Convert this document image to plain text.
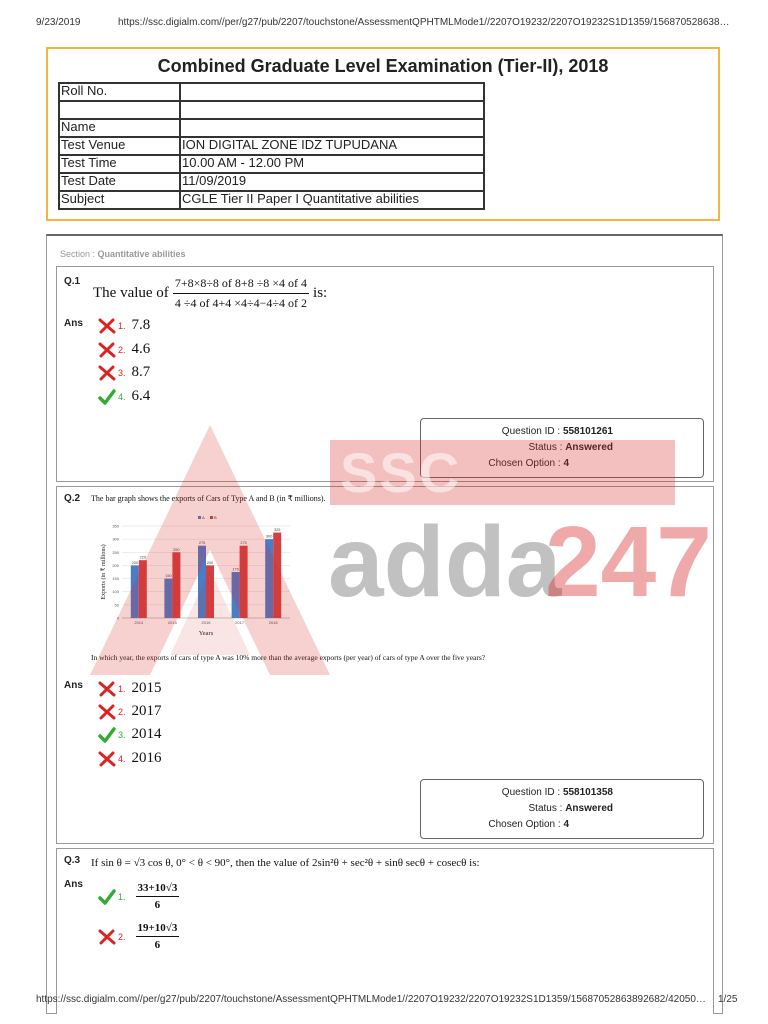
9/23/2019	https://ssc.digialm.com//per/g27/pub/2207/touchstone/AssessmentQPHTMLMode1//2207O19232/2207O19232S1D1359/156870528638…
Combined Graduate Level Examination (Tier-II), 2018
Roll No.	

Name	
Test Venue	ION DIGITAL ZONE IDZ TUPUDANA
Test Time	10.00 AM - 12.00 PM
Test Date	11/09/2019
Subject	CGLE Tier II Paper I Quantitative abilities
Section : Quantitative abilities
Q.1
The value of $\frac{7+8\times 8\div 8 of 8+8 \div 8 \times 4 of 4}{4 \div 4 of 4+4 \times 4\div 4-4\div 4 of 2}$ is:
Ans	1. 7.8
2. 4.6
3. 8.7
4. 6.4
Question ID : 558101261
Status : Answered
Chosen Option : 4
Q.2 The bar graph shows the exports of Cars of Type A and B (in ₹ millions).
0
50
100
150
200
250
300
350
200
220
2014
150
250
2015
275
200
2016
175
275
2017
300
325
2018
A B
Years
Exports (in ₹ millions)
In which year, the exports of cars of type A was 10% more than the average exports (per year) of cars of type A over the five years?
Ans	1. 2015
2. 2017
3. 2014
4. 2016
Question ID : 558101358
Status : Answered
Chosen Option : 4
Q.3 If sin θ = √3 cos θ, 0° < θ < 90°, then the value of 2sin²θ + sec²θ + sinθ secθ + cosecθ is:
Ans
1. $\frac{33+10√3}{6}$
2. $\frac{19+10√3}{6}$
SSC
adda
247
https://ssc.digialm.com//per/g27/pub/2207/touchstone/AssessmentQPHTMLMode1//2207O19232/2207O19232S1D1359/15687052863892682/42050… 1/25
